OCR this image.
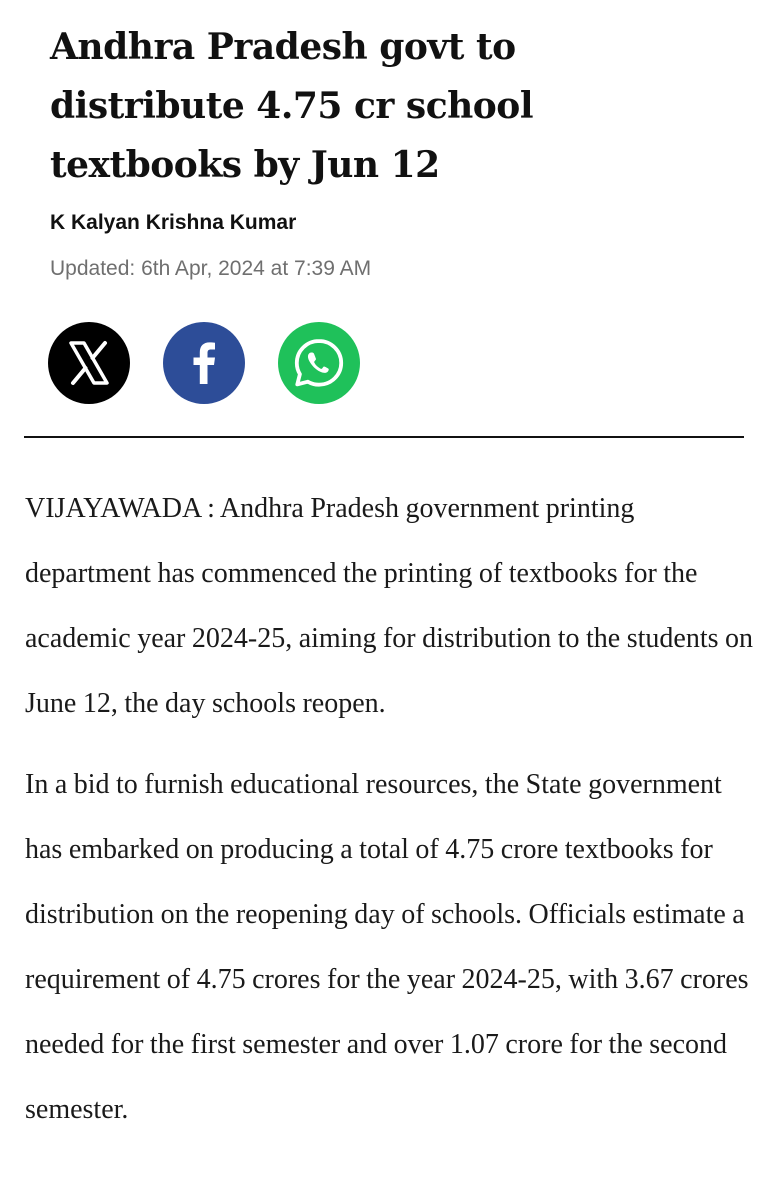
Andhra Pradesh govt to distribute 4.75 cr school textbooks by Jun 12
K Kalyan Krishna Kumar
Updated: 6th Apr, 2024 at 7:39 AM

VIJAYAWADA : Andhra Pradesh government printing department has commenced the printing of textbooks for the academic year 2024-25, aiming for distribution to the students on June 12, the day schools reopen.

In a bid to furnish educational resources, the State government has embarked on producing a total of 4.75 crore textbooks for distribution on the reopening day of schools. Officials estimate a requirement of 4.75 crores for the year 2024-25, with 3.67 crores needed for the first semester and over 1.07 crore for the second semester.
